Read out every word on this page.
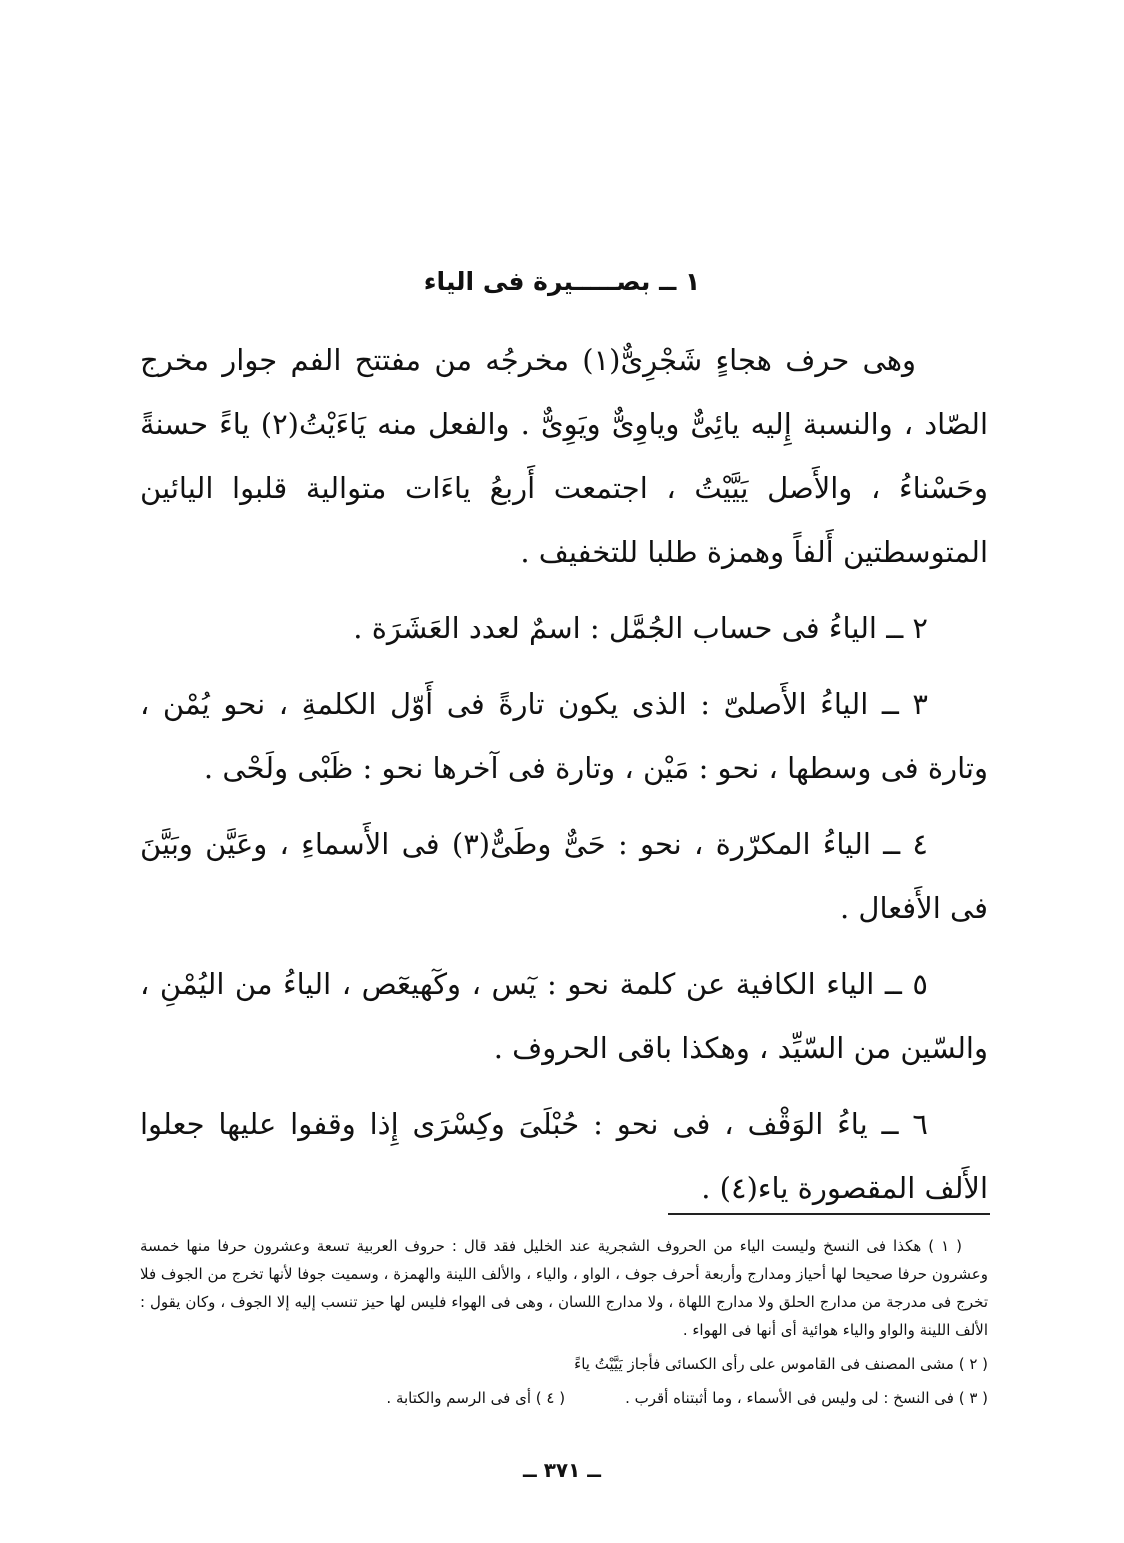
١ ــ بصـــــيرة فى الياء

وهى حرف هجاءٍ شَجْرِىٌّ(١) مخرجُه من مفتتح الفم جوار مخرج الصّاد ، والنسبة إِليه يائِىٌّ وياوِىٌّ ويَوِىٌّ . والفعل منه يَاءَيْتُ(٢) ياءً حسنةً وحَسْناءُ ، والأَصل يَيَّيْتُ ، اجتمعت أَربعُ ياءَات متوالية قلبوا اليائين المتوسطتين أَلفاً وهمزة طلبا للتخفيف .

٢ ــ الياءُ فى حساب الجُمَّل : اسمٌ لعدد العَشَرَة .

٣ ــ الياءُ الأَصلىّ : الذى يكون تارةً فى أَوّل الكلمةِ ، نحو يُمْن ، وتارة فى وسطها ، نحو : مَيْن ، وتارة فى آخرها نحو : ظَبْى ولَحْى .

٤ ــ الياءُ المكرّرة ، نحو : حَىٌّ وطَىٌّ(٣) فى الأَسماءِ ، وعَيَّن وبَيَّنَ فى الأَفعال .

٥ ــ الياء الكافية عن كلمة نحو : يٓس ، وكٓهيعٓص ، الياءُ من اليُمْنِ ، والسّين من السّيِّد ، وهكذا باقى الحروف .

٦ ــ ياءُ الوَقْف ، فى نحو : حُبْلَىَ وكِسْرَى إِذا وقفوا عليها جعلوا الأَلف المقصورة ياء(٤) .

( ١ ) هكذا فى النسخ وليست الياء من الحروف الشجرية عند الخليل فقد قال : حروف العربية تسعة وعشرون حرفا منها خمسة وعشرون حرفا صحيحا لها أحياز ومدارج وأربعة أحرف جوف ، الواو ، والياء ، والألف اللينة والهمزة ، وسميت جوفا لأنها تخرج من الجوف فلا تخرج فى مدرجة من مدارج الحلق ولا مدارج اللهاة ، ولا مدارج اللسان ، وهى فى الهواء فليس لها حيز تنسب إليه إلا الجوف ، وكان يقول : الألف اللينة والواو والياء هوائية أى أنها فى الهواء .

( ٢ ) مشى المصنف فى القاموس على رأى الكسائى فأجاز يَيَّيْتُ ياءً

( ٣ ) فى النسخ : لى وليس فى الأسماء ، وما أثبتناه أقرب .
( ٤ ) أى فى الرسم والكتابة .
ــ ٣٧١ ــ
